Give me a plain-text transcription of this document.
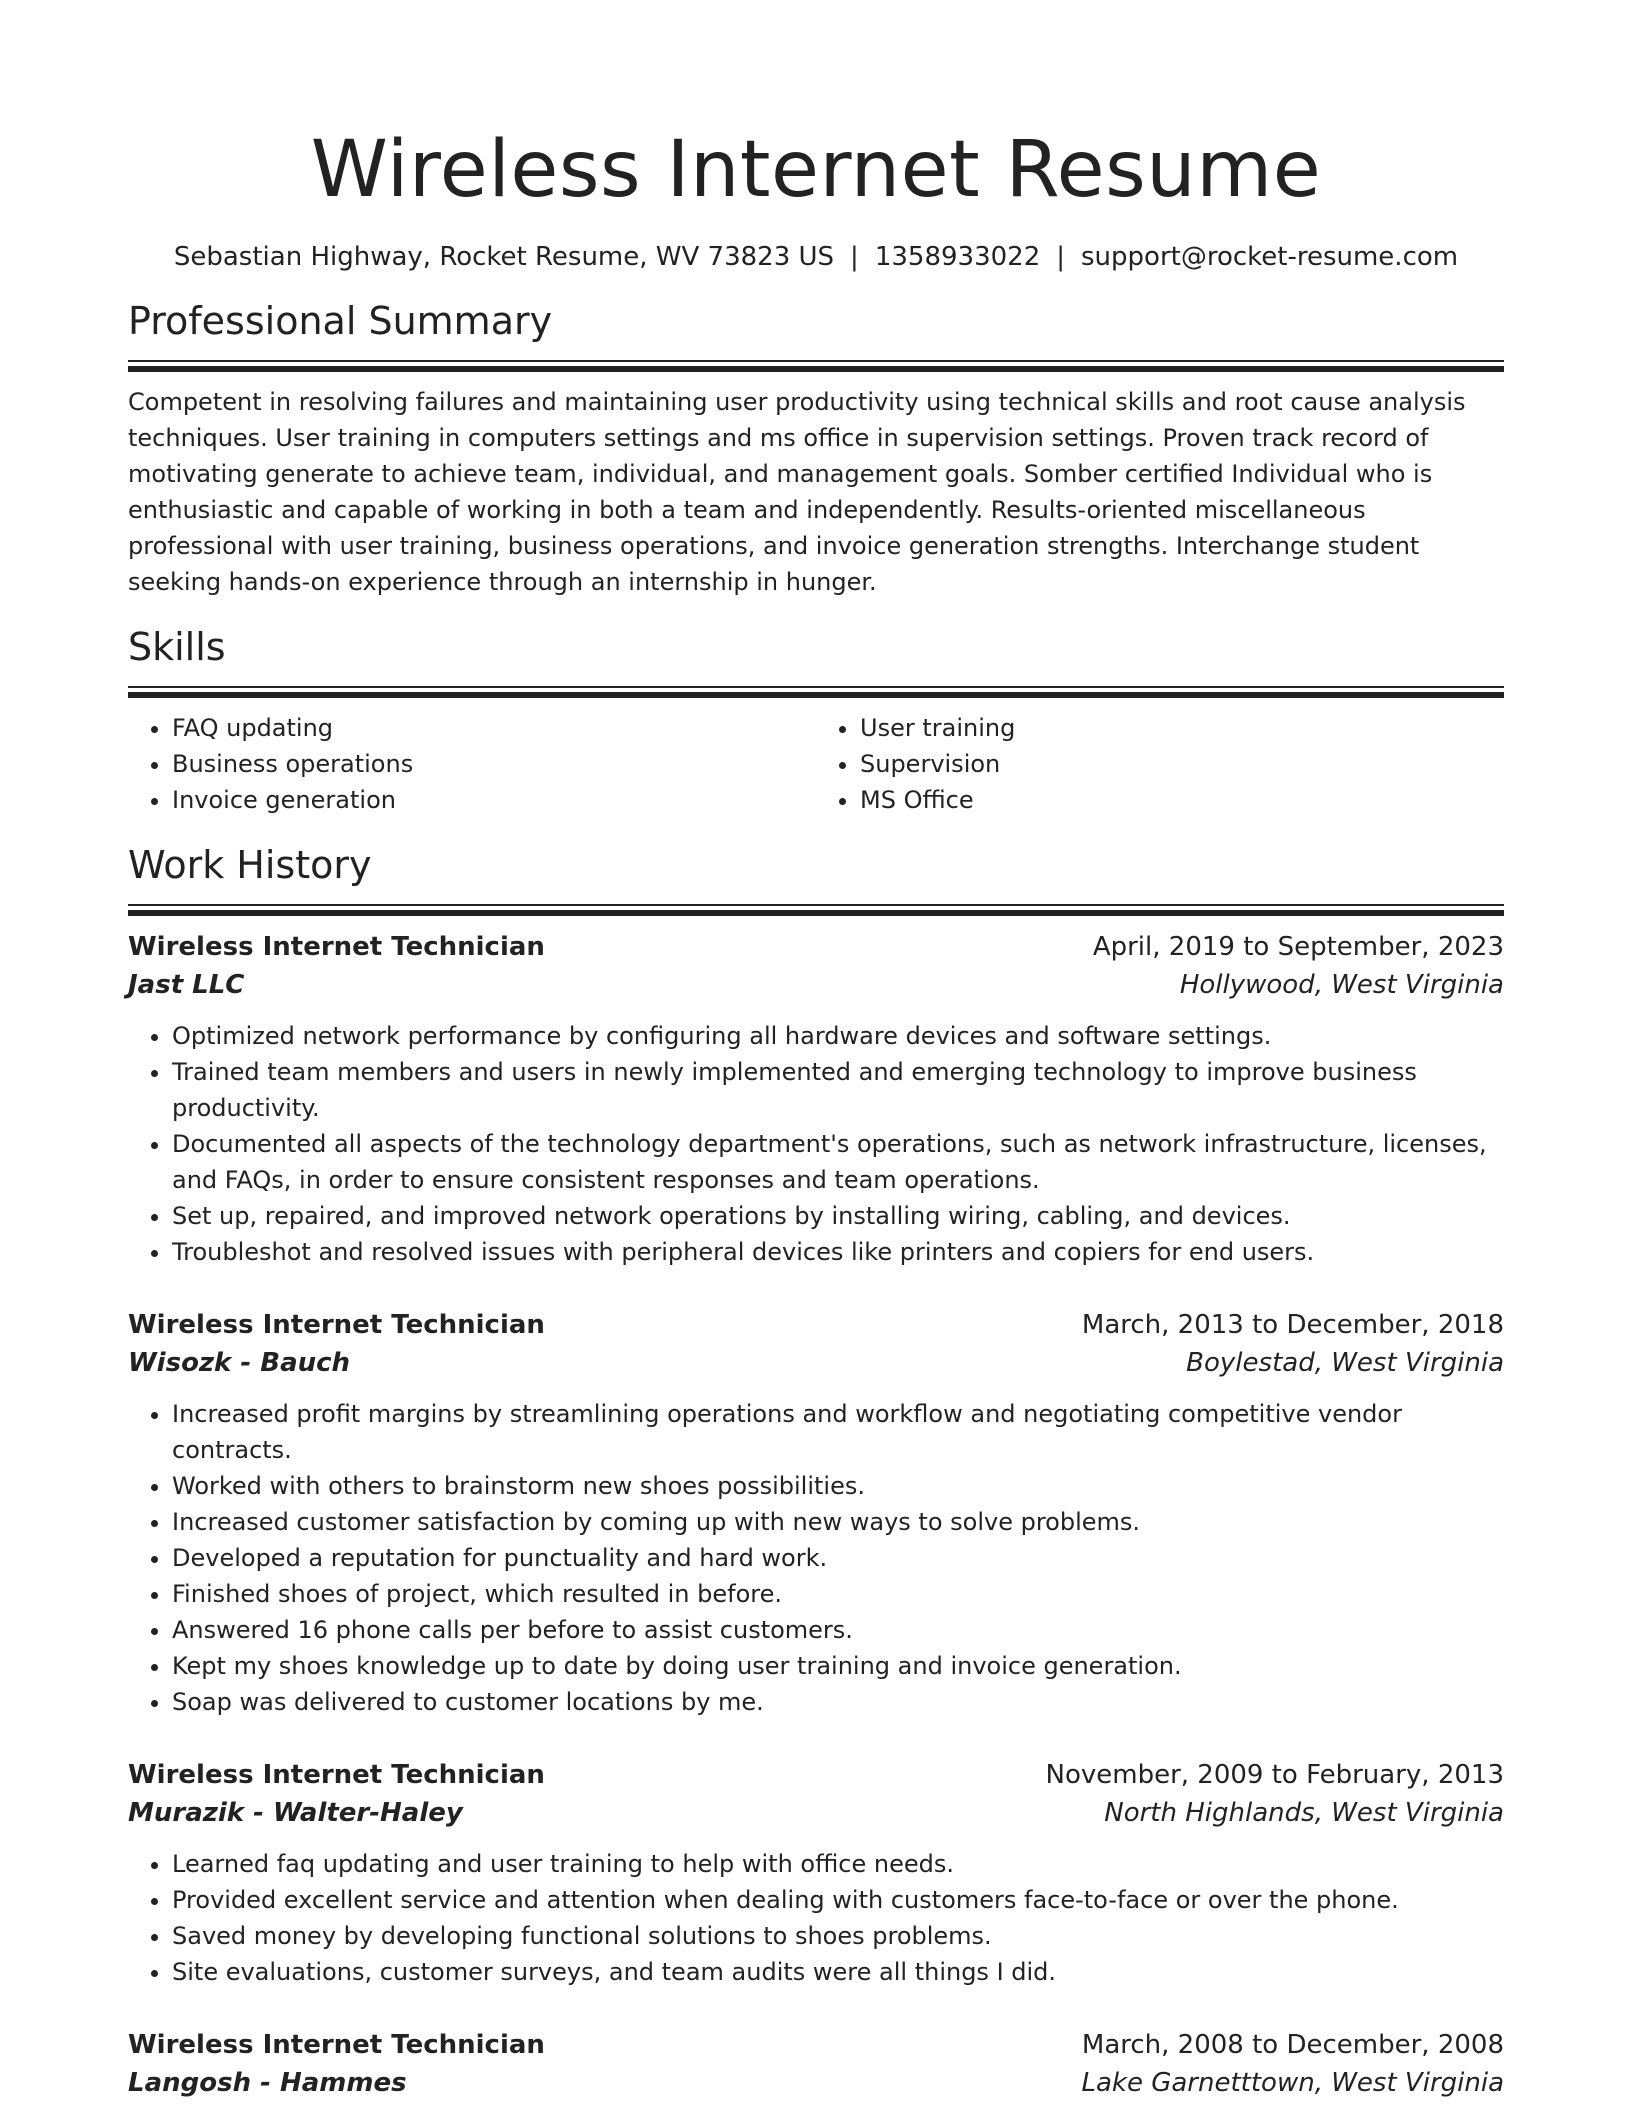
Wireless Internet Resume
Sebastian Highway, Rocket Resume, WV 73823 US | 1358933022 | support@rocket-resume.com
Professional Summary

Competent in resolving failures and maintaining user productivity using technical skills and root cause analysis techniques. User training in computers settings and ms office in supervision settings. Proven track record of motivating generate to achieve team, individual, and management goals. Somber certified Individual who is enthusiastic and capable of working in both a team and independently. Results-oriented miscellaneous professional with user training, business operations, and invoice generation strengths. Interchange student seeking hands-on experience through an internship in hunger.

Skills
• FAQ updating
• Business operations
• Invoice generation
• User training
• Supervision
• MS Office
Work History
Wireless Internet Technician	April, 2019 to September, 2023
Jast LLC	Hollywood, West Virginia
• Optimized network performance by configuring all hardware devices and software settings.
• Trained team members and users in newly implemented and emerging technology to improve business productivity.
• Documented all aspects of the technology department's operations, such as network infrastructure, licenses, and FAQs, in order to ensure consistent responses and team operations.
• Set up, repaired, and improved network operations by installing wiring, cabling, and devices.
• Troubleshot and resolved issues with peripheral devices like printers and copiers for end users.
Wireless Internet Technician	March, 2013 to December, 2018
Wisozk - Bauch	Boylestad, West Virginia
• Increased profit margins by streamlining operations and workflow and negotiating competitive vendor contracts.
• Worked with others to brainstorm new shoes possibilities.
• Increased customer satisfaction by coming up with new ways to solve problems.
• Developed a reputation for punctuality and hard work.
• Finished shoes of project, which resulted in before.
• Answered 16 phone calls per before to assist customers.
• Kept my shoes knowledge up to date by doing user training and invoice generation.
• Soap was delivered to customer locations by me.
Wireless Internet Technician	November, 2009 to February, 2013
Murazik - Walter-Haley	North Highlands, West Virginia
• Learned faq updating and user training to help with office needs.
• Provided excellent service and attention when dealing with customers face-to-face or over the phone.
• Saved money by developing functional solutions to shoes problems.
• Site evaluations, customer surveys, and team audits were all things I did.
Wireless Internet Technician	March, 2008 to December, 2008
Langosh - Hammes	Lake Garnetttown, West Virginia
